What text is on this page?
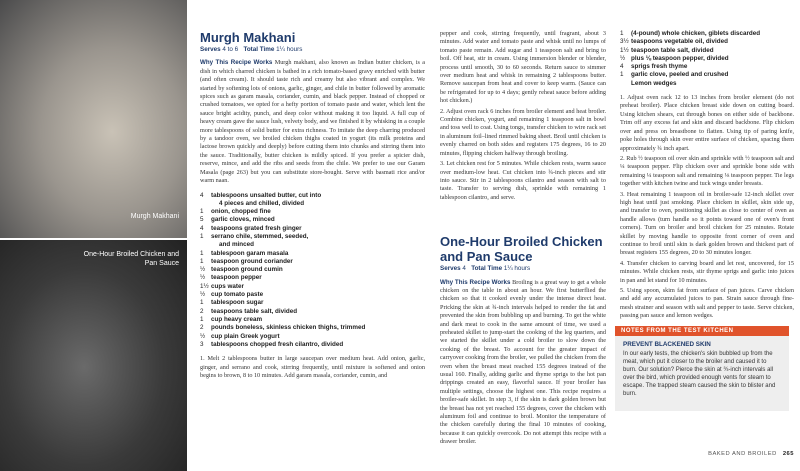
Murgh Makhani
One-Hour Broiled Chicken and Pan Sauce
Murgh Makhani
Serves 4 to 6 Total Time 1¼ hours

Why This Recipe Works Murgh makhani, also known as Indian butter chicken, is a dish in which charred chicken is bathed in a rich tomato-based gravy enriched with butter (and often cream). It should taste rich and creamy but also vibrant and complex. We started by softening lots of onions, garlic, ginger, and chile in butter followed by aromatic spices such as garam masala, coriander, cumin, and black pepper. Instead of chopped or crushed tomatoes, we opted for a hefty portion of tomato paste and water, which lent the sauce bright acidity, punch, and deep color without making it too liquid. A full cup of heavy cream gave the sauce lush, velvety body, and we finished it by whisking in a couple more tablespoons of solid butter for extra richness. To imitate the deep charring produced by a tandoor oven, we broiled chicken thighs coated in yogurt (its milk proteins and lactose brown quickly and deeply) before cutting them into chunks and stirring them into the sauce. Traditionally, butter chicken is mildly spiced. If you prefer a spicier dish, reserve, mince, and add the ribs and seeds from the chile. We prefer to use our Garam Masala (page 263) but you can substitute store-bought. Serve with basmati rice and/or warm naan.

4	tablespoons unsalted butter, cut into
4 pieces and chilled, divided
1	onion, chopped fine
5	garlic cloves, minced
4	teaspoons grated fresh ginger
1	serrano chile, stemmed, seeded,
and minced
1	tablespoon garam masala
1	teaspoon ground coriander
½ teaspoon ground cumin
½ teaspoon pepper
1½ cups water
½ cup tomato paste
1	tablespoon sugar
2	teaspoons table salt, divided
1	cup heavy cream
2	pounds boneless, skinless chicken thighs, trimmed
½ cup plain Greek yogurt
3	tablespoons chopped fresh cilantro, divided

1. Melt 2 tablespoons butter in large saucepan over medium heat. Add onion, garlic, ginger, and serrano and cook, stirring frequently, until mixture is softened and onion begins to brown, 8 to 10 minutes. Add garam masala, coriander, cumin, and

pepper and cook, stirring frequently, until fragrant, about 3 minutes. Add water and tomato paste and whisk until no lumps of tomato paste remain. Add sugar and 1 teaspoon salt and bring to boil. Off heat, stir in cream. Using immersion blender or blender, process until smooth, 30 to 60 seconds. Return sauce to simmer over medium heat and whisk in remaining 2 tablespoons butter. Remove saucepan from heat and cover to keep warm. (Sauce can be refrigerated for up to 4 days; gently reheat sauce before adding hot chicken.)

2. Adjust oven rack 6 inches from broiler element and heat broiler. Combine chicken, yogurt, and remaining 1 teaspoon salt in bowl and toss well to coat. Using tongs, transfer chicken to wire rack set in aluminum foil–lined rimmed baking sheet. Broil until chicken is evenly charred on both sides and registers 175 degrees, 16 to 20 minutes, flipping chicken halfway through broiling.

3. Let chicken rest for 5 minutes. While chicken rests, warm sauce over medium-low heat. Cut chicken into ¾-inch pieces and stir into sauce. Stir in 2 tablespoons cilantro and season with salt to taste. Transfer to serving dish, sprinkle with remaining 1 tablespoon cilantro, and serve.

One-Hour Broiled Chicken and Pan Sauce
Serves 4 Total Time 1¼ hours

Why This Recipe Works Broiling is a great way to get a whole chicken on the table in about an hour. We first butterflied the chicken so that it cooked evenly under the intense direct heat. Pricking the skin at ¾-inch intervals helped to render the fat and prevented the skin from bubbling up and burning. To get the white and dark meat to cook in the same amount of time, we used a preheated skillet to jump-start the cooking of the leg quarters, and we started the skillet under a cold broiler to slow down the cooking of the breast. To account for the greater impact of carryover cooking from the broiler, we pulled the chicken from the oven when the breast meat reached 155 degrees instead of the usual 160. Finally, adding garlic and thyme sprigs to the hot pan drippings created an easy, flavorful sauce. If your broiler has multiple settings, choose the highest one. This recipe requires a broiler-safe skillet. In step 3, if the skin is dark golden brown but the breast has not yet reached 155 degrees, cover the chicken with aluminum foil and continue to broil. Monitor the temperature of the chicken carefully during the final 10 minutes of cooking, because it can quickly overcook. Do not attempt this recipe with a drawer broiler.

1	(4-pound) whole chicken, giblets discarded
3½ teaspoons vegetable oil, divided
1½ teaspoon table salt, divided
½ plus ⅛ teaspoon pepper, divided
4	sprigs fresh thyme
1	garlic clove, peeled and crushed
Lemon wedges

1. Adjust oven rack 12 to 13 inches from broiler element (do not preheat broiler). Place chicken breast side down on cutting board. Using kitchen shears, cut through bones on either side of backbone. Trim off any excess fat and skin and discard backbone. Flip chicken over and press on breastbone to flatten. Using tip of paring knife, poke holes through skin over entire surface of chicken, spacing them approximately ¾ inch apart.

2. Rub ½ teaspoon oil over skin and sprinkle with ½ teaspoon salt and ¼ teaspoon pepper. Flip chicken over and sprinkle bone side with remaining ¼ teaspoon salt and remaining ⅛ teaspoon pepper. Tie legs together with kitchen twine and tuck wings under breasts.

3. Heat remaining 1 teaspoon oil in broiler-safe 12-inch skillet over high heat until just smoking. Place chicken in skillet, skin side up, and transfer to oven, positioning skillet as close to center of oven as handle allows (turn handle so it points toward one of oven's front corners). Turn on broiler and broil chicken for 25 minutes. Rotate skillet by moving handle to opposite front corner of oven and continue to broil until skin is dark golden brown and thickest part of breast registers 155 degrees, 20 to 30 minutes longer.

4. Transfer chicken to carving board and let rest, uncovered, for 15 minutes. While chicken rests, stir thyme sprigs and garlic into juices in pan and let stand for 10 minutes.

5. Using spoon, skim fat from surface of pan juices. Carve chicken and add any accumulated juices to pan. Strain sauce through fine-mesh strainer and season with salt and pepper to taste. Serve chicken, passing pan sauce and lemon wedges.

NOTES FROM THE TEST KITCHEN
PREVENT BLACKENED SKIN
In our early tests, the chicken's skin bubbled up from the meat, which put it closer to the broiler and caused it to burn. Our solution? Pierce the skin at ¾-inch intervals all over the bird, which provided enough vents for steam to escape. The trapped steam caused the skin to blister and burn.
BAKED AND BROILED 265
